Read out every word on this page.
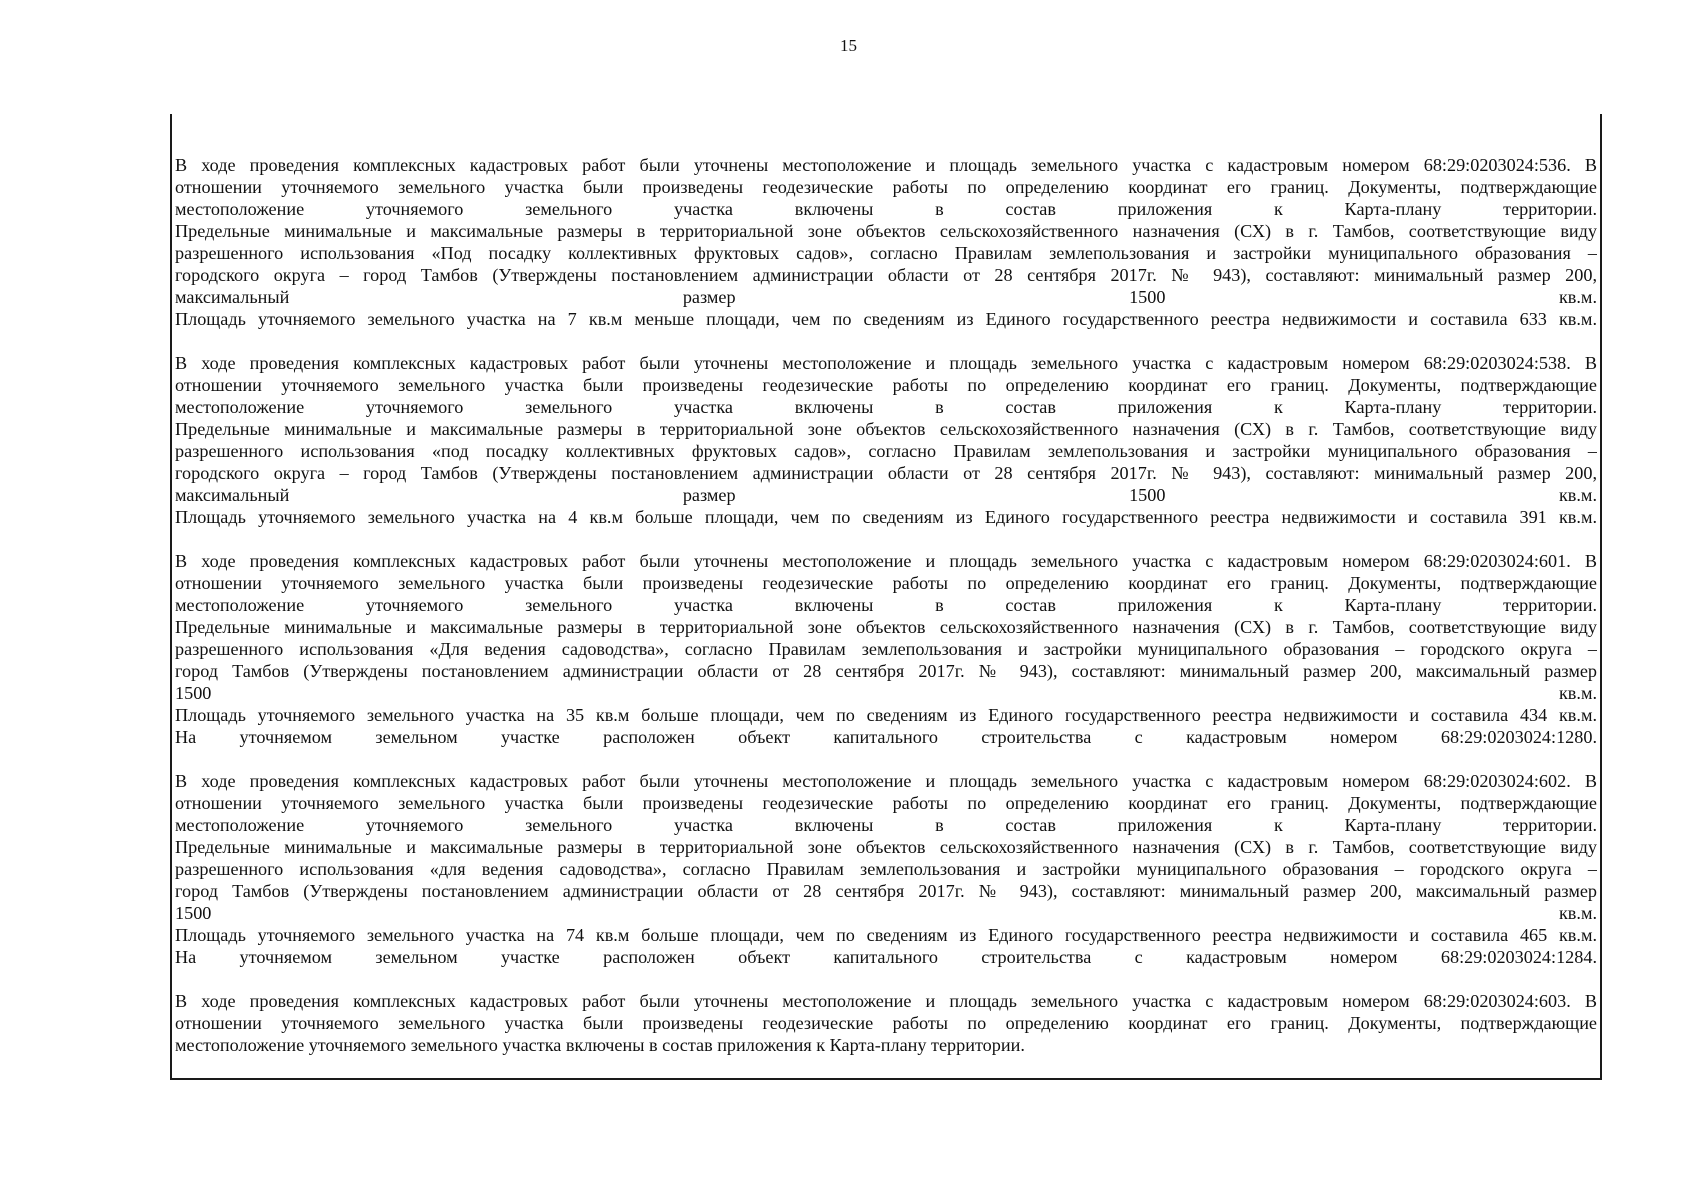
15
В ходе проведения комплексных кадастровых работ были уточнены местоположение и площадь земельного участка с кадастровым номером 68:29:0203024:536. В
отношении уточняемого земельного участка были произведены геодезические работы по определению координат его границ. Документы, подтверждающие
местоположение уточняемого земельного участка включены в состав приложения к Карта-плану территории.
Предельные минимальные и максимальные размеры в территориальной зоне объектов сельскохозяйственного назначения (СХ) в г. Тамбов, соответствующие виду
разрешенного использования «Под посадку коллективных фруктовых садов», согласно Правилам землепользования и застройки муниципального образования –
городского округа – город Тамбов (Утверждены постановлением администрации области от 28 сентября 2017г. № 943), составляют: минимальный размер 200,
максимальный размер 1500 кв.м.
Площадь уточняемого земельного участка на 7 кв.м меньше площади, чем по сведениям из Единого государственного реестра недвижимости и составила 633 кв.м.
В ходе проведения комплексных кадастровых работ были уточнены местоположение и площадь земельного участка с кадастровым номером 68:29:0203024:538. В
отношении уточняемого земельного участка были произведены геодезические работы по определению координат его границ. Документы, подтверждающие
местоположение уточняемого земельного участка включены в состав приложения к Карта-плану территории.
Предельные минимальные и максимальные размеры в территориальной зоне объектов сельскохозяйственного назначения (СХ) в г. Тамбов, соответствующие виду
разрешенного использования «под посадку коллективных фруктовых садов», согласно Правилам землепользования и застройки муниципального образования –
городского округа – город Тамбов (Утверждены постановлением администрации области от 28 сентября 2017г. № 943), составляют: минимальный размер 200,
максимальный размер 1500 кв.м.
Площадь уточняемого земельного участка на 4 кв.м больше площади, чем по сведениям из Единого государственного реестра недвижимости и составила 391 кв.м.
В ходе проведения комплексных кадастровых работ были уточнены местоположение и площадь земельного участка с кадастровым номером 68:29:0203024:601. В
отношении уточняемого земельного участка были произведены геодезические работы по определению координат его границ. Документы, подтверждающие
местоположение уточняемого земельного участка включены в состав приложения к Карта-плану территории.
Предельные минимальные и максимальные размеры в территориальной зоне объектов сельскохозяйственного назначения (СХ) в г. Тамбов, соответствующие виду
разрешенного использования «Для ведения садоводства», согласно Правилам землепользования и застройки муниципального образования – городского округа –
город Тамбов (Утверждены постановлением администрации области от 28 сентября 2017г. № 943), составляют: минимальный размер 200, максимальный размер
1500 кв.м.
Площадь уточняемого земельного участка на 35 кв.м больше площади, чем по сведениям из Единого государственного реестра недвижимости и составила 434 кв.м.
На уточняемом земельном участке расположен объект капитального строительства с кадастровым номером 68:29:0203024:1280.
В ходе проведения комплексных кадастровых работ были уточнены местоположение и площадь земельного участка с кадастровым номером 68:29:0203024:602. В
отношении уточняемого земельного участка были произведены геодезические работы по определению координат его границ. Документы, подтверждающие
местоположение уточняемого земельного участка включены в состав приложения к Карта-плану территории.
Предельные минимальные и максимальные размеры в территориальной зоне объектов сельскохозяйственного назначения (СХ) в г. Тамбов, соответствующие виду
разрешенного использования «для ведения садоводства», согласно Правилам землепользования и застройки муниципального образования – городского округа –
город Тамбов (Утверждены постановлением администрации области от 28 сентября 2017г. № 943), составляют: минимальный размер 200, максимальный размер
1500 кв.м.
Площадь уточняемого земельного участка на 74 кв.м больше площади, чем по сведениям из Единого государственного реестра недвижимости и составила 465 кв.м.
На уточняемом земельном участке расположен объект капитального строительства с кадастровым номером 68:29:0203024:1284.
В ходе проведения комплексных кадастровых работ были уточнены местоположение и площадь земельного участка с кадастровым номером 68:29:0203024:603. В
отношении уточняемого земельного участка были произведены геодезические работы по определению координат его границ. Документы, подтверждающие
местоположение уточняемого земельного участка включены в состав приложения к Карта-плану территории.
